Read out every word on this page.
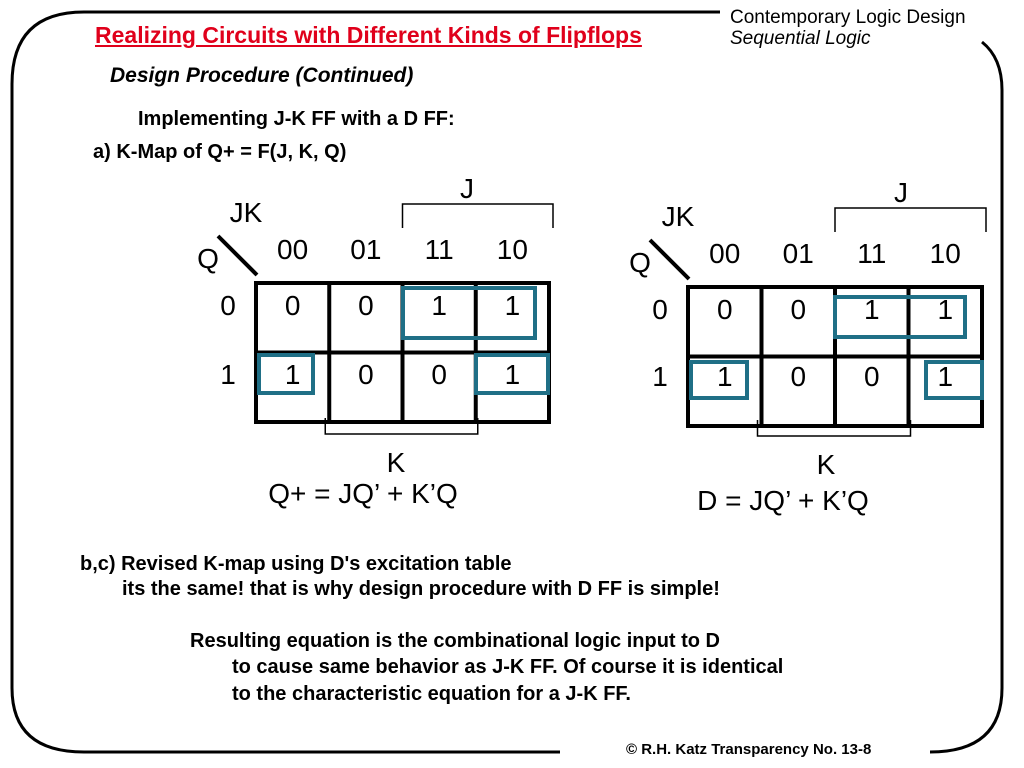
Realizing Circuits with Different Kinds of Flipflops
Contemporary Logic Design
Sequential Logic
Design Procedure (Continued)
Implementing J-K FF with a D FF:
a) K-Map of Q+ = F(J, K, Q)
JK
Q 00 01 11 10
0
1
0 0 1 1
1 0 0 1
J
K
Q+ = JQ’ + K’Q
JK
Q 00 01 11 10
0
1
0 0 1 1
1 0 0 1
J
K
D = JQ’ + K’Q
b,c) Revised K-map using D's excitation table
its the same! that is why design procedure with D FF is simple!
Resulting equation is the combinational logic input to D
to cause same behavior as J-K FF. Of course it is identical
to the characteristic equation for a J-K FF.
© R.H. Katz Transparency No. 13-8
